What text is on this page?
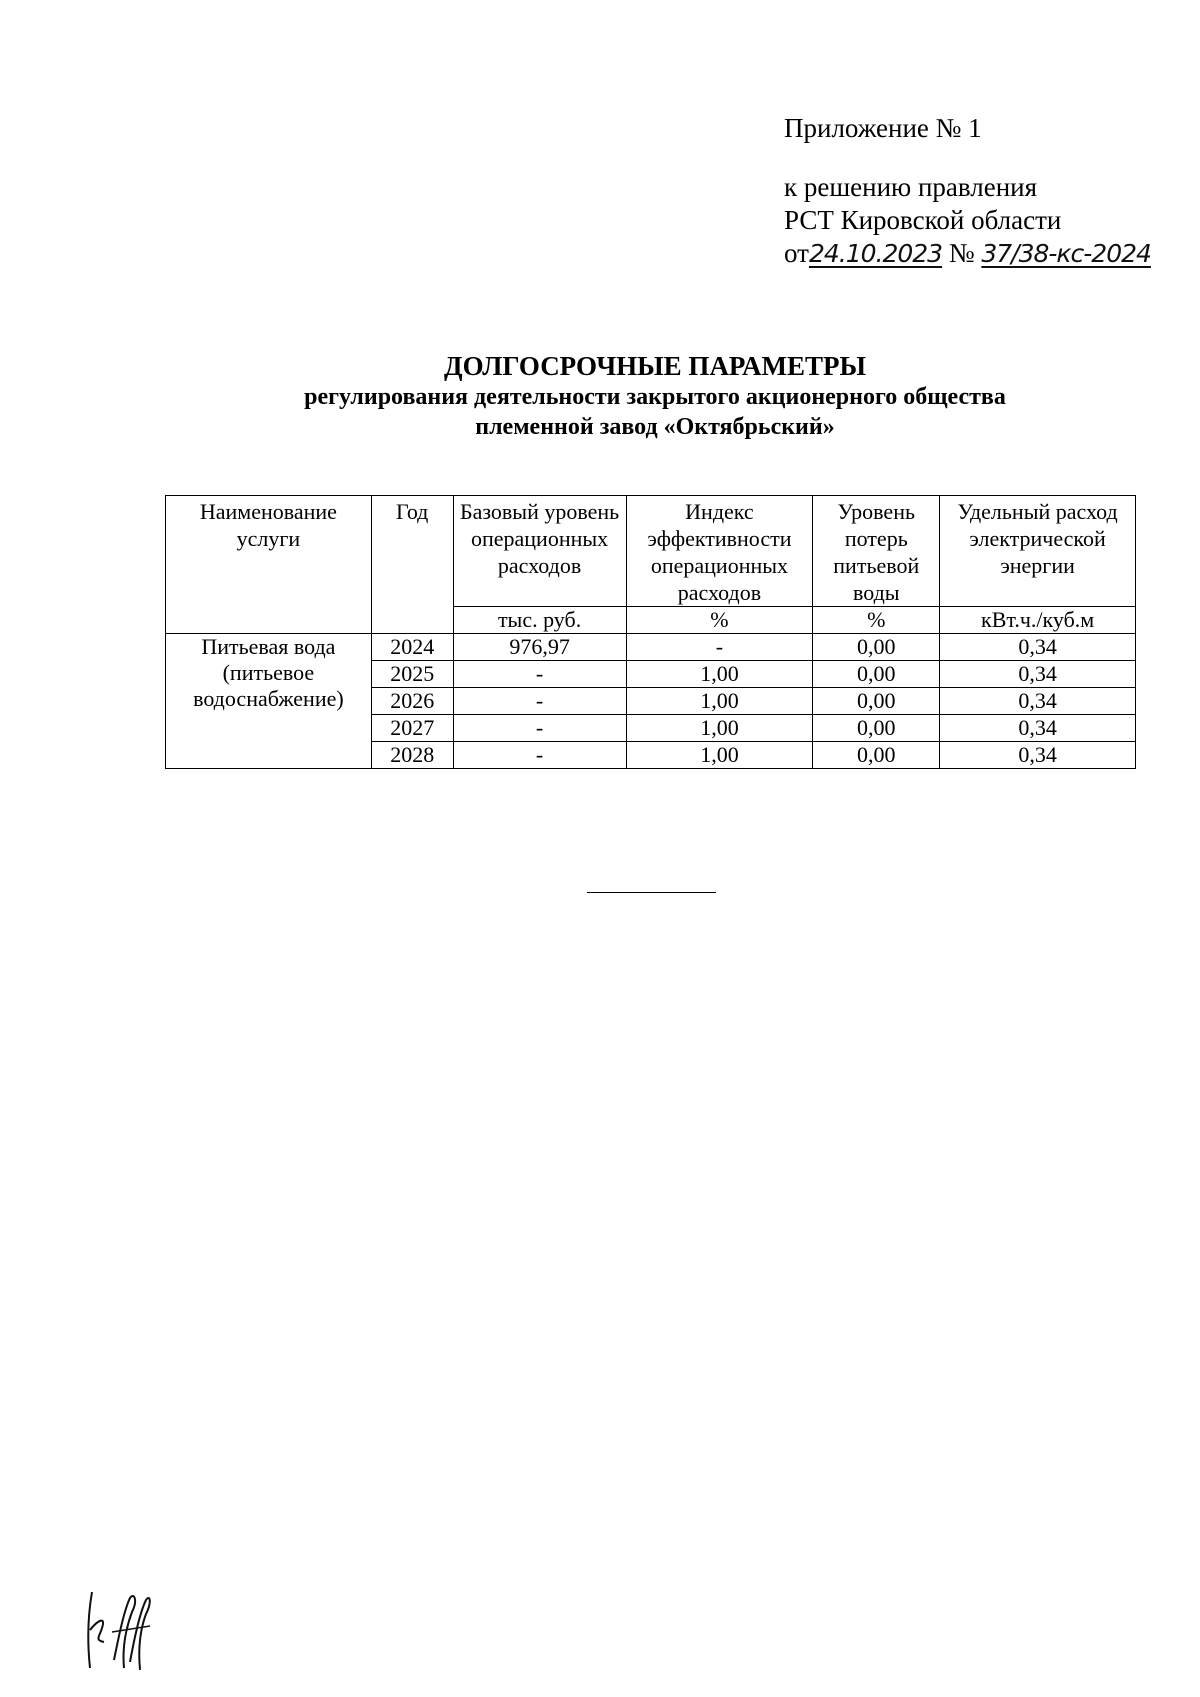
Приложение № 1
к решению правления
РСТ Кировской области
от24.10.2023 № 37/38-кс-2024
ДОЛГОСРОЧНЫЕ ПАРАМЕТРЫ
регулирования деятельности закрытого акционерного общества
племенной завод «Октябрьский»
Наименование услуги	Год	Базовый уровень операционных расходов	Индекс эффективности операционных расходов	Уровень потерь питьевой воды	Удельный расход электрической энергии
		тыс. руб.	%	%	кВт.ч./куб.м
Питьевая вода (питьевое водоснабжение)	2024	976,97	-	0,00	0,34
	2025	-	1,00	0,00	0,34
	2026	-	1,00	0,00	0,34
	2027	-	1,00	0,00	0,34
	2028	-	1,00	0,00	0,34
